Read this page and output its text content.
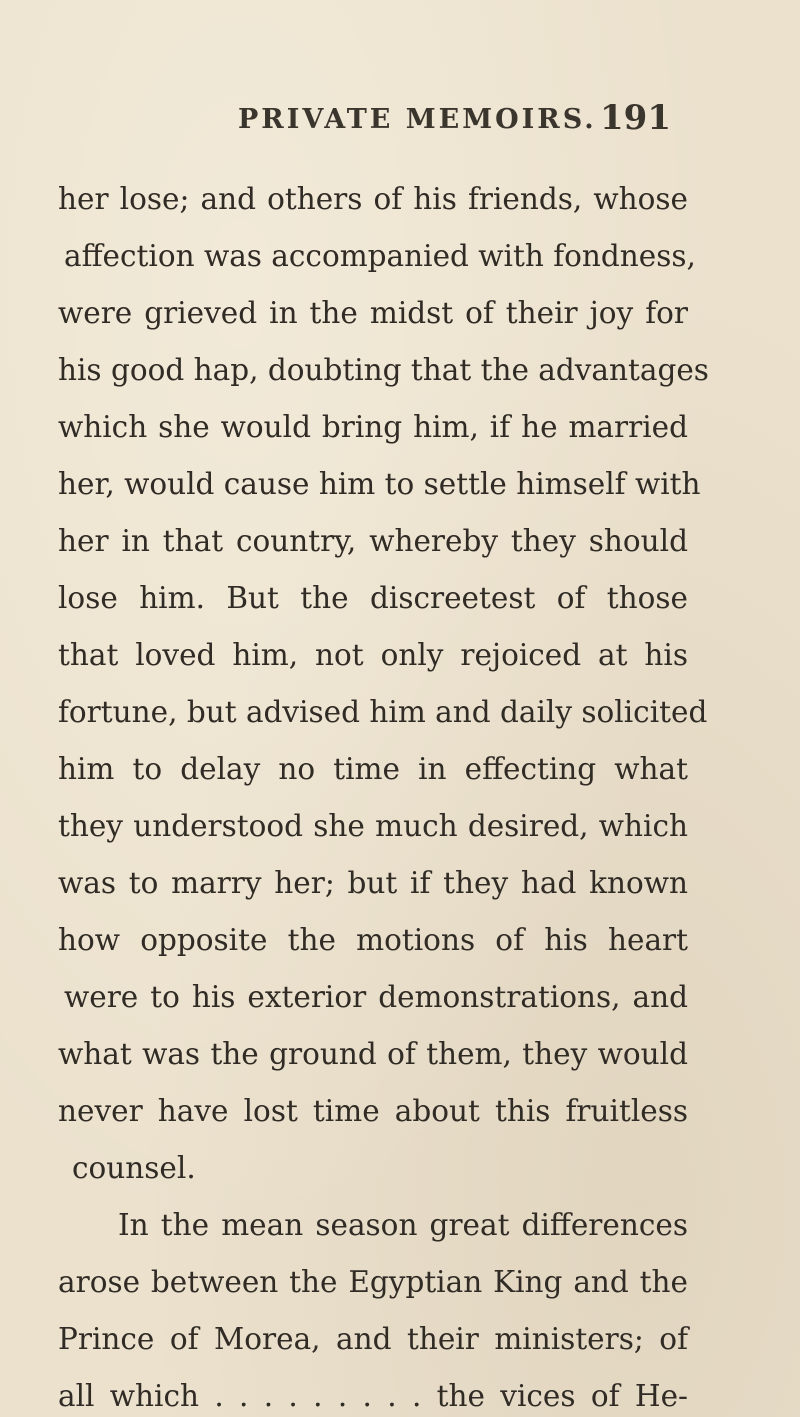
PRIVATE MEMOIRS. 191
her lose; and others of his friends, whose
affection was accompanied with fondness,
were grieved in the midst of their joy for
his good hap, doubting that the advantages
which she would bring him, if he married
her, would cause him to settle himself with
her in that country, whereby they should
lose him. But the discreetest of those
that loved him, not only rejoiced at his
fortune, but advised him and daily solicited
him to delay no time in effecting what
they understood she much desired, which
was to marry her; but if they had known
how opposite the motions of his heart
were to his exterior demonstrations, and
what was the ground of them, they would
never have lost time about this fruitless
counsel.
In the mean season great differences
arose between the Egyptian King and the
Prince of Morea, and their ministers; of
all which . . . . . . . . . the vices of He-
